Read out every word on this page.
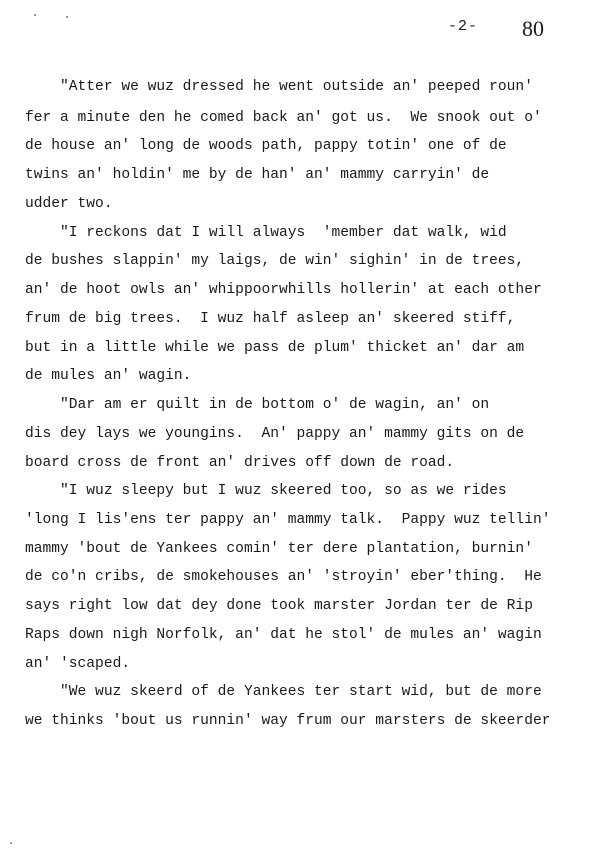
-2- 80
"Atter we wuz dressed he went outside an' peeped roun'
fer a minute den he comed back an' got us.  We snook out o'
de house an' long de woods path, pappy totin' one of de
twins an' holdin' me by de han' an' mammy carryin' de
udder two.
"I reckons dat I will always  'member dat walk, wid
de bushes slappin' my laigs, de win' sighin' in de trees,
an' de hoot owls an' whippoorwhills hollerin' at each other
frum de big trees.  I wuz half asleep an' skeered stiff,
but in a little while we pass de plum' thicket an' dar am
de mules an' wagin.
"Dar am er quilt in de bottom o' de wagin, an' on
dis dey lays we youngins.  An' pappy an' mammy gits on de
board cross de front an' drives off down de road.
"I wuz sleepy but I wuz skeered too, so as we rides
'long I lis'ens ter pappy an' mammy talk.  Pappy wuz tellin'
mammy 'bout de Yankees comin' ter dere plantation, burnin'
de co'n cribs, de smokehouses an' 'stroyin' eber'thing.  He
says right low dat dey done took marster Jordan ter de Rip
Raps down nigh Norfolk, an' dat he stol' de mules an' wagin
an' 'scaped.
"We wuz skeerd of de Yankees ter start wid, but de more
we thinks 'bout us runnin' way frum our marsters de skeerder
